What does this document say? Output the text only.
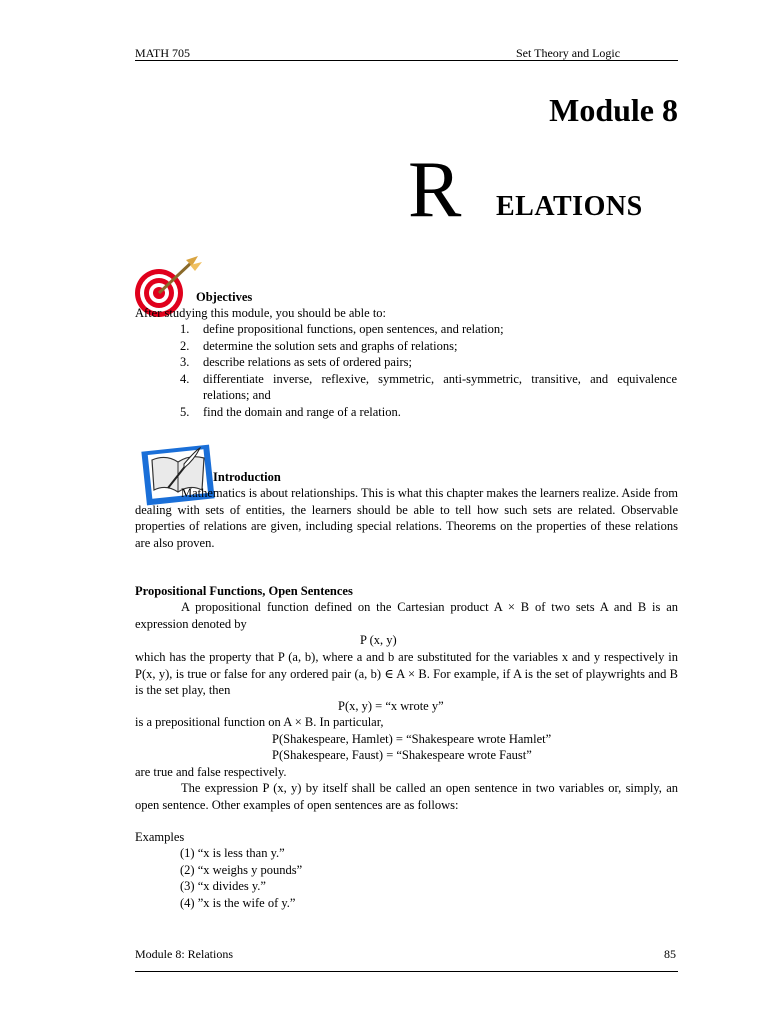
MATH 705	Set Theory and Logic
Module 8
R ELATIONS
Objectives
After studying this module, you should be able to:
1. define propositional functions, open sentences, and relation;
2. determine the solution sets and graphs of relations;
3. describe relations as sets of ordered pairs;
4. differentiate inverse, reflexive, symmetric, anti-symmetric, transitive, and equivalence relations; and
5. find the domain and range of a relation.
Introduction
Mathematics is about relationships. This is what this chapter makes the learners realize. Aside from dealing with sets of entities, the learners should be able to tell how such sets are related. Observable properties of relations are given, including special relations. Theorems on the properties of these relations are also proven.
Propositional Functions, Open Sentences
A propositional function defined on the Cartesian product A × B of two sets A and B is an expression denoted by
P (x, y)
which has the property that P (a, b), where a and b are substituted for the variables x and y respectively in P(x, y), is true or false for any ordered pair (a, b) ∈ A × B. For example, if A is the set of playwrights and B is the set play, then
P(x, y) = “x wrote y”
is a prepositional function on A × B. In particular,
P(Shakespeare, Hamlet) = “Shakespeare wrote Hamlet”
P(Shakespeare, Faust) = “Shakespeare wrote Faust”
are true and false respectively.
The expression P (x, y) by itself shall be called an open sentence in two variables or, simply, an open sentence. Other examples of open sentences are as follows:
Examples
(1) “x is less than y.”
(2) “x weighs y pounds”
(3) “x divides y.”
(4) ”x is the wife of y.”
Module 8: Relations	85
